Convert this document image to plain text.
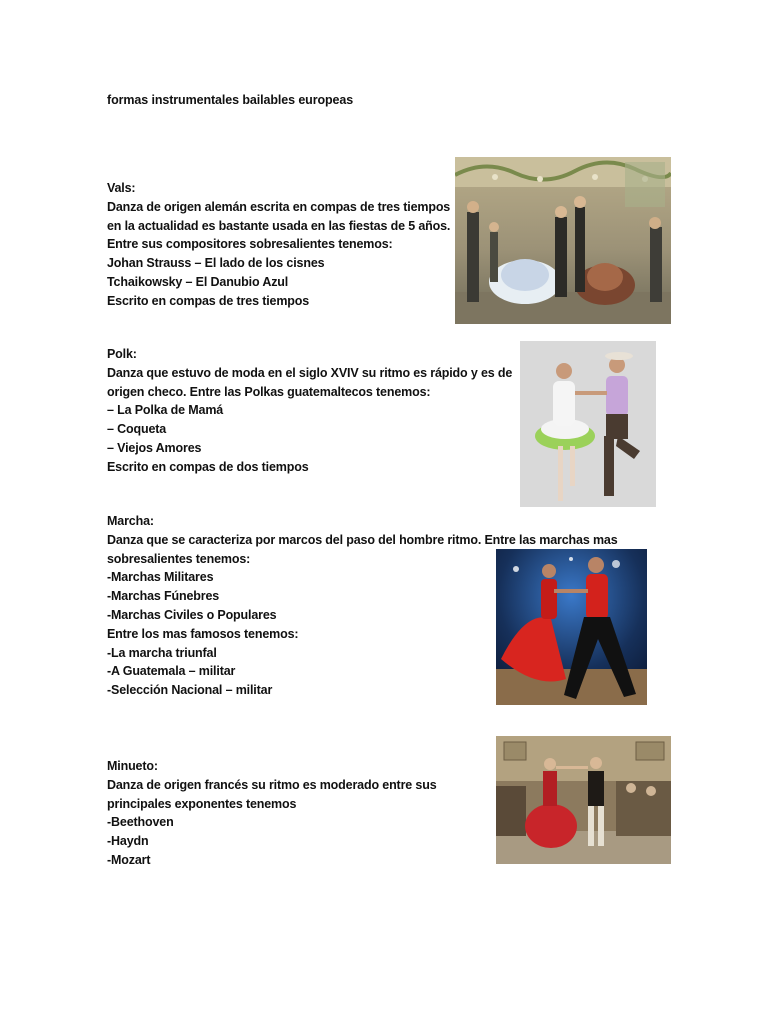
formas instrumentales bailables europeas
Vals:
Danza de origen alemán escrita en compas de tres tiempos
en la actualidad es bastante usada en las fiestas de 5 años.
Entre sus compositores sobresalientes tenemos:
Johan Strauss – El lado de los cisnes
Tchaikowsky – El Danubio Azul
Escrito en compas de tres tiempos
Polk:
Danza que estuvo de moda en el siglo XVIV su ritmo es rápido y es de
origen checo. Entre las Polkas guatemaltecos tenemos:
– La Polka de Mamá
– Coqueta
– Viejos Amores
Escrito en compas de dos tiempos
Marcha:
Danza que se caracteriza por marcos del paso del hombre ritmo. Entre las marchas mas
sobresalientes tenemos:
-Marchas Militares
-Marchas Fúnebres
-Marchas Civiles o Populares
Entre los mas famosos tenemos:
-La marcha triunfal
-A Guatemala – militar
-Selección Nacional – militar
Minueto:
Danza de origen francés su ritmo es moderado entre sus
principales exponentes tenemos
-Beethoven
-Haydn
-Mozart
